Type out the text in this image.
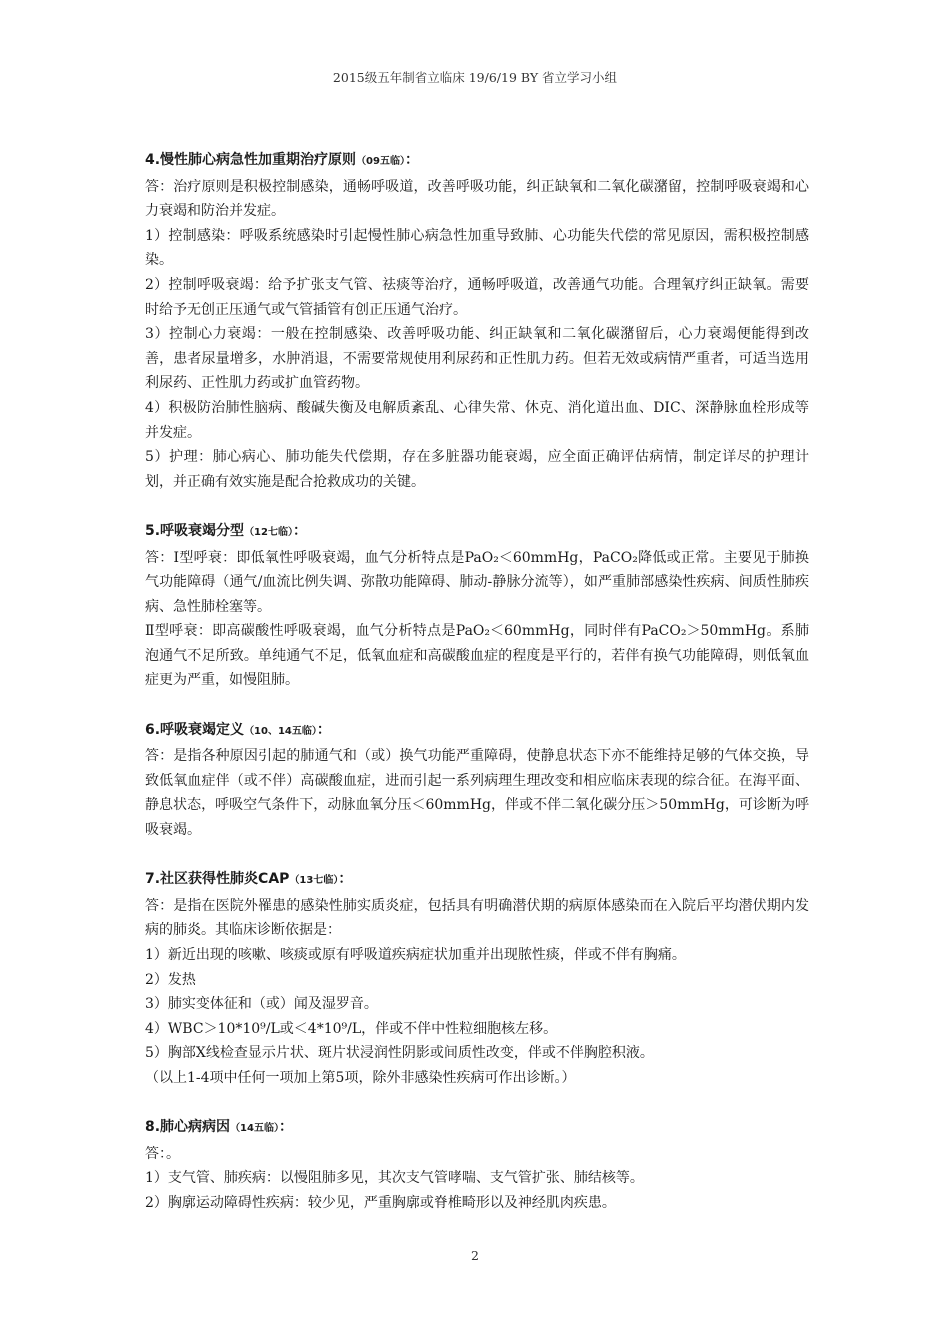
2015级五年制省立临床 19/6/19 BY 省立学习小组

4.慢性肺心病急性加重期治疗原则（09五临）：

答：治疗原则是积极控制感染，通畅呼吸道，改善呼吸功能，纠正缺氧和二氧化碳潴留，控制呼吸衰竭和心力衰竭和防治并发症。

1）控制感染：呼吸系统感染时引起慢性肺心病急性加重导致肺、心功能失代偿的常见原因，需积极控制感染。

2）控制呼吸衰竭：给予扩张支气管、祛痰等治疗，通畅呼吸道，改善通气功能。合理氧疗纠正缺氧。需要时给予无创正压通气或气管插管有创正压通气治疗。

3）控制心力衰竭：一般在控制感染、改善呼吸功能、纠正缺氧和二氧化碳潴留后，心力衰竭便能得到改善，患者尿量增多，水肿消退，不需要常规使用利尿药和正性肌力药。但若无效或病情严重者，可适当选用利尿药、正性肌力药或扩血管药物。

4）积极防治肺性脑病、酸碱失衡及电解质紊乱、心律失常、休克、消化道出血、DIC、深静脉血栓形成等并发症。

5）护理：肺心病心、肺功能失代偿期，存在多脏器功能衰竭，应全面正确评估病情，制定详尽的护理计划，并正确有效实施是配合抢救成功的关键。

5.呼吸衰竭分型（12七临）：

答：I型呼衰：即低氧性呼吸衰竭，血气分析特点是PaO₂＜60mmHg，PaCO₂降低或正常。主要见于肺换气功能障碍（通气/血流比例失调、弥散功能障碍、肺动-静脉分流等），如严重肺部感染性疾病、间质性肺疾病、急性肺栓塞等。

Ⅱ型呼衰：即高碳酸性呼吸衰竭，血气分析特点是PaO₂＜60mmHg，同时伴有PaCO₂＞50mmHg。系肺泡通气不足所致。单纯通气不足，低氧血症和高碳酸血症的程度是平行的，若伴有换气功能障碍，则低氧血症更为严重，如慢阻肺。

6.呼吸衰竭定义（10、14五临）：

答：是指各种原因引起的肺通气和（或）换气功能严重障碍，使静息状态下亦不能维持足够的气体交换，导致低氧血症伴（或不伴）高碳酸血症，进而引起一系列病理生理改变和相应临床表现的综合征。在海平面、静息状态，呼吸空气条件下，动脉血氧分压＜60mmHg，伴或不伴二氧化碳分压＞50mmHg，可诊断为呼吸衰竭。

7.社区获得性肺炎CAP（13七临）：

答：是指在医院外罹患的感染性肺实质炎症，包括具有明确潜伏期的病原体感染而在入院后平均潜伏期内发病的肺炎。其临床诊断依据是：

1）新近出现的咳嗽、咳痰或原有呼吸道疾病症状加重并出现脓性痰，伴或不伴有胸痛。

2）发热

3）肺实变体征和（或）闻及湿罗音。

4）WBC＞10*10⁹/L或＜4*10⁹/L，伴或不伴中性粒细胞核左移。

5）胸部X线检查显示片状、斑片状浸润性阴影或间质性改变，伴或不伴胸腔积液。

（以上1-4项中任何一项加上第5项，除外非感染性疾病可作出诊断。）

8.肺心病病因（14五临）：

答：。

1）支气管、肺疾病：以慢阻肺多见，其次支气管哮喘、支气管扩张、肺结核等。

2）胸廓运动障碍性疾病：较少见，严重胸廓或脊椎畸形以及神经肌肉疾患。

2
